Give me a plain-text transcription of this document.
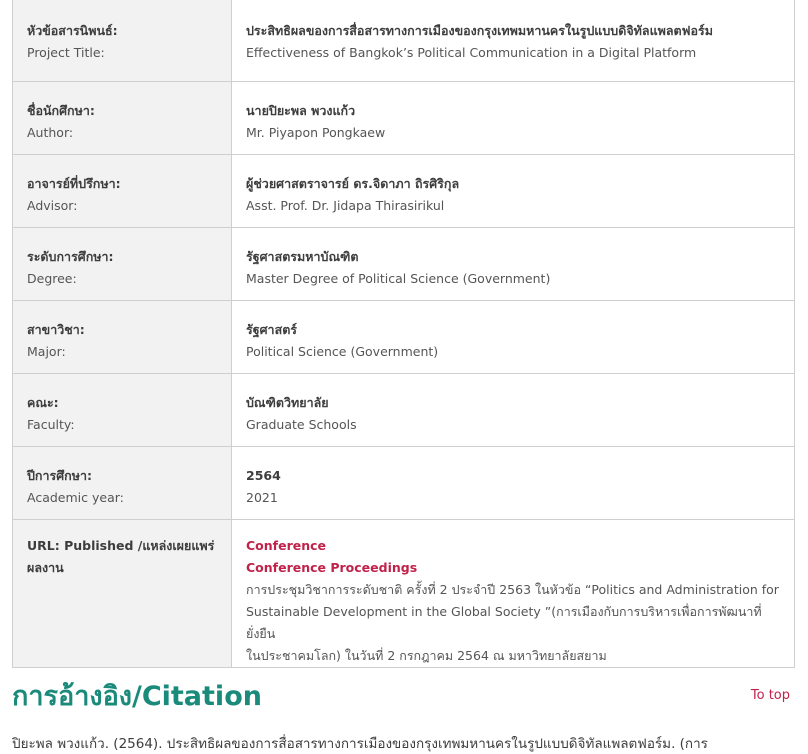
หัวข้อสารนิพนธ์:
Project Title:	ประสิทธิผลของการสื่อสารทางการเมืองของกรุงเทพมหานครในรูปแบบดิจิทัลแพลตฟอร์ม
Effectiveness of Bangkok’s Political Communication in a Digital Platform

ชื่อนักศึกษา:
Author:	นายปิยะพล พวงแก้ว
Mr. Piyapon Pongkaew

อาจารย์ที่ปรึกษา:
Advisor:	ผู้ช่วยศาสตราจารย์ ดร.จิดาภา ถิรศิริกุล
Asst. Prof. Dr. Jidapa Thirasirikul

ระดับการศึกษา:
Degree:	รัฐศาสตรมหาบัณฑิต
Master Degree of Political Science (Government)

สาขาวิชา:
Major:	รัฐศาสตร์
Political Science (Government)

คณะ:
Faculty:	บัณฑิตวิทยาลัย
Graduate Schools

ปีการศึกษา:
Academic year:	2564
2021

URL: Published /แหล่งเผยแพร่
ผลงาน	Conference
Conference Proceedings
การประชุมวิชาการระดับชาติ ครั้งที่ 2 ประจำปี 2563 ในหัวข้อ “Politics and Administration for
Sustainable Development in the Global Society ”(การเมืองกับการบริหารเพื่อการพัฒนาที่ยั่งยืน
ในประชาคมโลก) ในวันที่ 2 กรกฎาคม 2564 ณ มหาวิทยาลัยสยาม
การอ้างอิง/Citation	To top

ปิยะพล พวงแก้ว. (2564). ประสิทธิผลของการสื่อสารทางการเมืองของกรุงเทพมหานครในรูปแบบดิจิทัลแพลตฟอร์ม. (การ
